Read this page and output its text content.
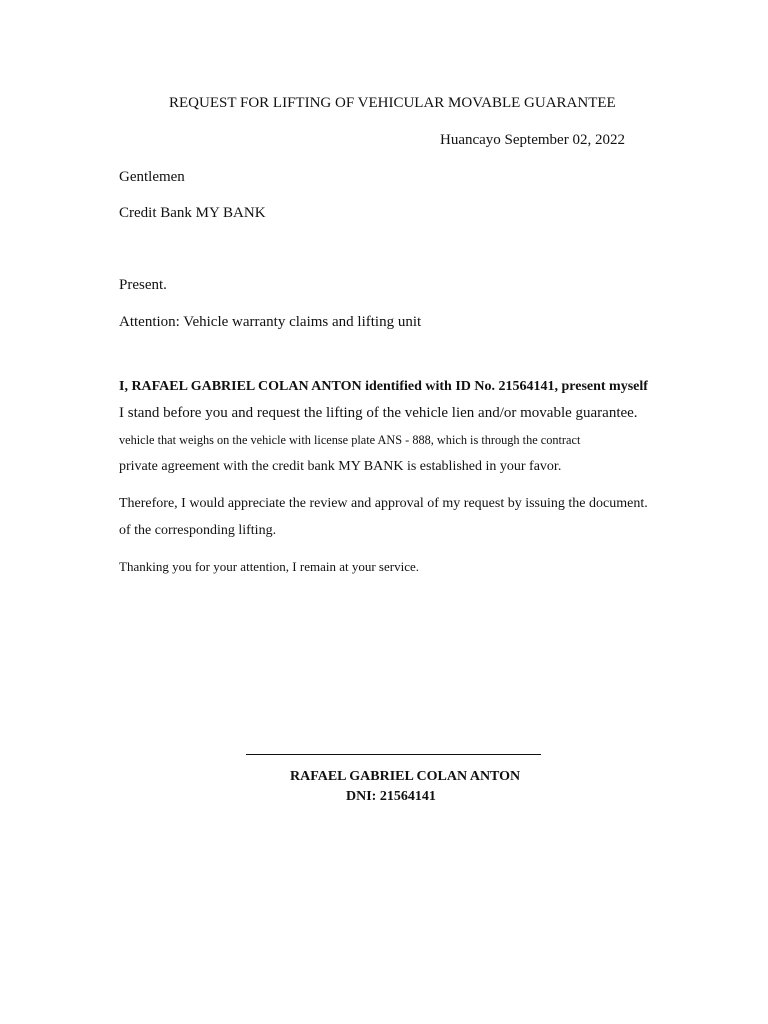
REQUEST FOR LIFTING OF VEHICULAR MOVABLE GUARANTEE
Huancayo September 02, 2022
Gentlemen
Credit Bank MY BANK
Present.
Attention: Vehicle warranty claims and lifting unit
I, RAFAEL GABRIEL COLAN ANTON identified with ID No. 21564141, present myself
I stand before you and request the lifting of the vehicle lien and/or movable guarantee.
vehicle that weighs on the vehicle with license plate ANS - 888, which is through the contract
private agreement with the credit bank MY BANK is established in your favor.
Therefore, I would appreciate the review and approval of my request by issuing the document.
of the corresponding lifting.
Thanking you for your attention, I remain at your service.
RAFAEL GABRIEL COLAN ANTON
DNI: 21564141
